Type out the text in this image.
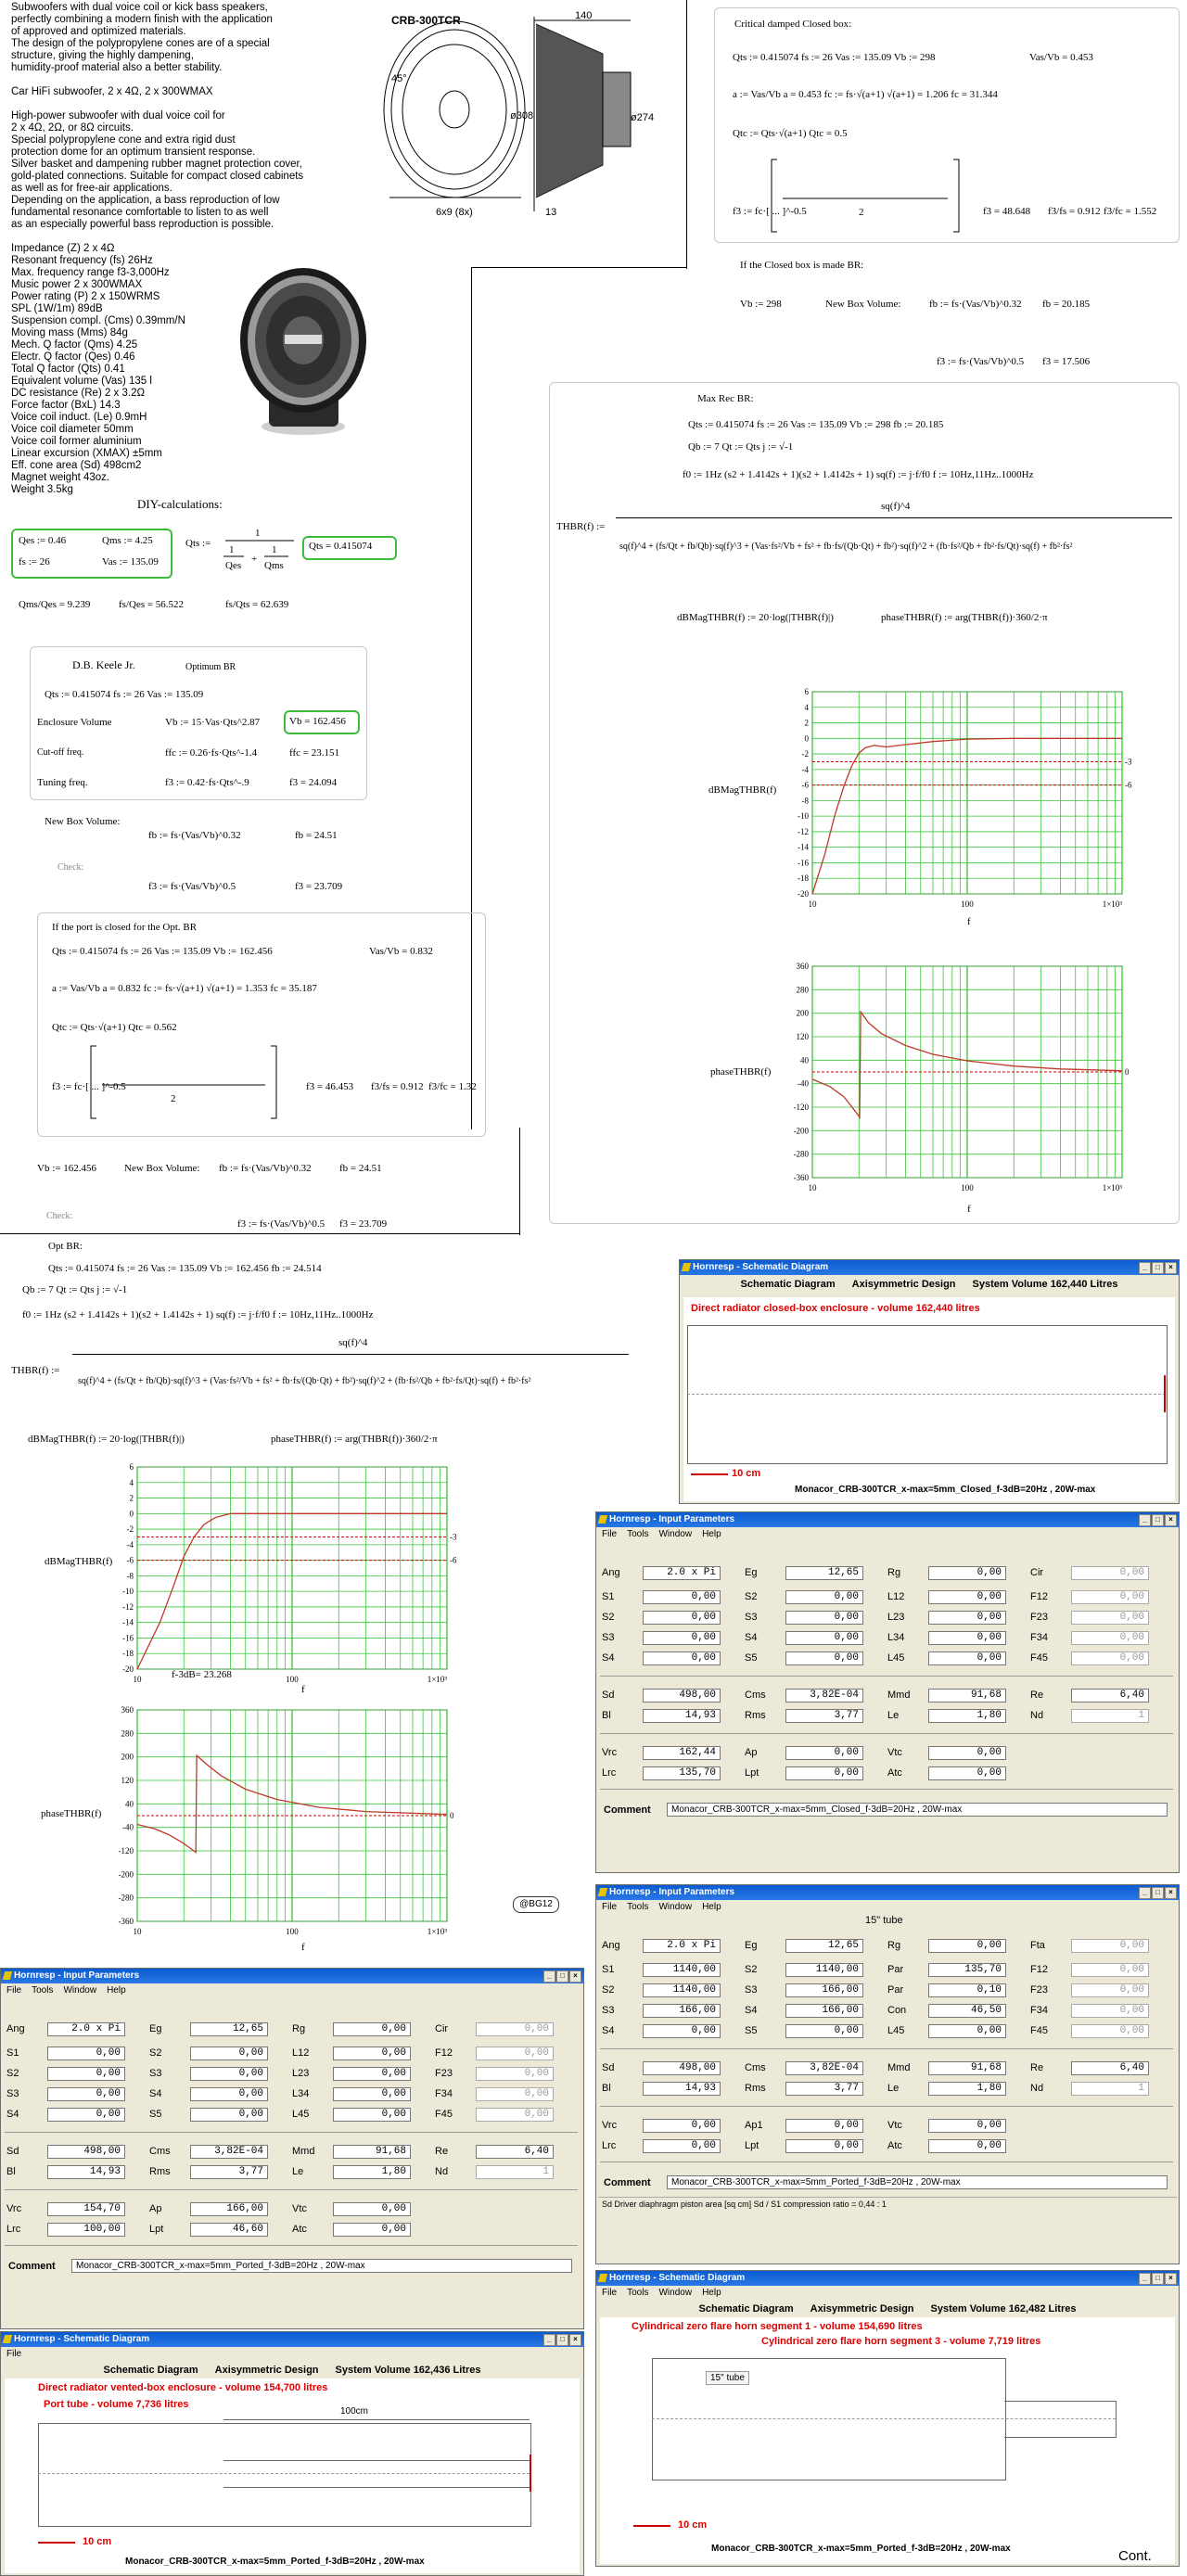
Subwoofers with dual voice coil or kick bass speakers,
perfectly combining a modern finish with the application
of approved and optimized materials.
The design of the polypropylene cones are of a special
structure, giving the highly dampening,
humidity-proof material also a better stability.
Car HiFi subwoofer, 2 x 4Ω, 2 x 300WMAX
High-power subwoofer with dual voice coil for
2 x 4Ω, 2Ω, or 8Ω circuits.
Special polypropylene cone and extra rigid dust
protection dome for an optimum transient response.
Silver basket and dampening rubber magnet protection cover,
gold-plated connections. Suitable for compact closed cabinets
as well as for free-air applications.
Depending on the application, a bass reproduction of low
fundamental resonance comfortable to listen to as well
as an especially powerful bass reproduction is possible.
Impedance (Z) 2 x 4Ω
Resonant frequency (fs) 26Hz
Max. frequency range f3-3,000Hz
Music power 2 x 300WMAX
Power rating (P) 2 x 150WRMS
SPL (1W/1m) 89dB
Suspension compl. (Cms) 0.39mm/N
Moving mass (Mms) 84g
Mech. Q factor (Qms) 4.25
Electr. Q factor (Qes) 0.46
Total Q factor (Qts) 0.41
Equivalent volume (Vas) 135 l
DC resistance (Re) 2 x 3.2Ω
Force factor (BxL) 14.3
Voice coil induct. (Le) 0.9mH
Voice coil diameter 50mm
Voice coil former aluminium
Linear excursion (XMAX) ±5mm
Eff. cone area (Sd) 498cm2
Magnet weight 43oz.
Weight 3.5kg
CRB-300TCR	140
45°
ø308	ø274
6x9 (8x)	13
DIY-calculations:
Qes := 0.46	Qms := 4.25
fs := 26	Vas := 135.09
Qts :=
1
1
Qes
+
1
Qms
Qts = 0.415074
Qms/Qes = 9.239	fs/Qes = 56.522	fs/Qts = 62.639
D.B. Keele Jr.	Optimum BR
Qts := 0.415074 fs := 26 Vas := 135.09
Enclosure Volume	Vb := 15·Vas·Qts^2.87	Vb = 162.456
Cut-off freq.	ffc := 0.26·fs·Qts^-1.4	ffc = 23.151
Tuning freq.	f3 := 0.42·fs·Qts^-.9	f3 = 24.094
New Box Volume:
fb := fs·(Vas/Vb)^0.32	fb = 24.51
Check:
f3 := fs·(Vas/Vb)^0.5	f3 = 23.709
If the port is closed for the Opt. BR
Qts := 0.415074 fs := 26 Vas := 135.09 Vb := 162.456	Vas/Vb = 0.832
a := Vas/Vb a = 0.832 fc := fs·√(a+1) √(a+1) = 1.353 fc = 35.187
Qtc := Qts·√(a+1) Qtc = 0.562
f3 := fc·[ ... ]^-0.5
2
f3 = 46.453 f3/fs = 0.912 f3/fc = 1.32
Vb := 162.456	New Box Volume: fb := fs·(Vas/Vb)^0.32	fb = 24.51
Check:
f3 := fs·(Vas/Vb)^0.5 f3 = 23.709
Opt BR:
Qts := 0.415074 fs := 26 Vas := 135.09 Vb := 162.456 fb := 24.514
Qb := 7 Qt := Qts j := √-1
f0 := 1Hz (s2 + 1.4142s + 1)(s2 + 1.4142s + 1) sq(f) := j·f/f0 f := 10Hz,11Hz..1000Hz
THBR(f) :=
sq(f)^4
sq(f)^4 + (fs/Qt + fb/Qb)·sq(f)^3 + (Vas·fs²/Vb + fs² + fb·fs/(Qb·Qt) + fb²)·sq(f)^2 + (fb·fs²/Qb + fb²·fs/Qt)·sq(f) + fb²·fs²
dBMagTHBR(f) := 20·log(|THBR(f)|)	phaseTHBR(f) := arg(THBR(f))·360/2·π
6
4
2
0
-2
-4
-6
-8
-10
-12
-14
-16
-18
-20
10	100	1×10³
-3
-6
dBMagTHBR(f)
f-3dB= 23.268
f
360
280
200
120
40
-40
-120
-200
-280
-360
10	100	1×10³
0
phaseTHBR(f)
f
@BG12
Critical damped Closed box:
Qts := 0.415074 fs := 26 Vas := 135.09 Vb := 298	Vas/Vb = 0.453
a := Vas/Vb a = 0.453 fc := fs·√(a+1) √(a+1) = 1.206 fc = 31.344
Qtc := Qts·√(a+1) Qtc = 0.5
2
f3 := fc·[ ... ]^-0.5	f3 = 48.648 f3/fs = 0.912 f3/fc = 1.552
If the Closed box is made BR:
Vb := 298	New Box Volume:	fb := fs·(Vas/Vb)^0.32 fb = 20.185
f3 := fs·(Vas/Vb)^0.5 f3 = 17.506
Max Rec BR:
Qts := 0.415074 fs := 26 Vas := 135.09 Vb := 298 fb := 20.185
Qb := 7 Qt := Qts j := √-1
f0 := 1Hz (s2 + 1.4142s + 1)(s2 + 1.4142s + 1) sq(f) := j·f/f0 f := 10Hz,11Hz..1000Hz
THBR(f) :=
sq(f)^4
sq(f)^4 + (fs/Qt + fb/Qb)·sq(f)^3 + (Vas·fs²/Vb + fs² + fb·fs/(Qb·Qt) + fb²)·sq(f)^2 + (fb·fs²/Qb + fb²·fs/Qt)·sq(f) + fb²·fs²
dBMagTHBR(f) := 20·log(|THBR(f)|)	phaseTHBR(f) := arg(THBR(f))·360/2·π
6
4
2
0
-2
-4
-6
-8
-10
-12
-14
-16
-18
-20
10	100	1×10³
-3
-6
dBMagTHBR(f)
f
360
280
200
120
40
-40
-120
-200
-280
-360
10	100	1×10³
0
phaseTHBR(f)
f
Hornresp - Schematic Diagram	_	□	×
Schematic Diagram Axisymmetric Design System Volume 162,440 Litres
Direct radiator closed-box enclosure - volume 162,440 litres
10 cm
Monacor_CRB-300TCR_x-max=5mm_Closed_f-3dB=20Hz , 20W-max
Hornresp - Input Parameters	_	□	×
File Tools Window Help
Ang	2.0 x Pi	Eg	12,65	Rg	0,00	Cir	0,00
S1	0,00	S2	0,00	L12	0,00	F12	0,00
S2	0,00	S3	0,00	L23	0,00	F23	0,00
S3	0,00	S4	0,00	L34	0,00	F34	0,00
S4	0,00	S5	0,00	L45	0,00	F45	0,00
Sd	498,00	Cms	3,82E-04	Mmd	91,68	Re	6,40
Bl	14,93	Rms	3,77	Le	1,80	Nd	1
Vrc	162,44	Ap	0,00	Vtc	0,00
Lrc	135,70	Lpt	0,00	Atc	0,00
Comment	Monacor_CRB-300TCR_x-max=5mm_Closed_f-3dB=20Hz , 20W-max
Hornresp - Input Parameters	_	□	×
File Tools Window Help
15" tube
Ang	2.0 x Pi	Eg	12,65	Rg	0,00	Fta	0,00
S1	1140,00	S2	1140,00	Par	135,70	F12	0,00
S2	1140,00	S3	166,00	Par	0,10	F23	0,00
S3	166,00	S4	166,00	Con	46,50	F34	0,00
S4	0,00	S5	0,00	L45	0,00	F45	0,00
Sd	498,00	Cms	3,82E-04	Mmd	91,68	Re	6,40
Bl	14,93	Rms	3,77	Le	1,80	Nd	1
Vrc	0,00	Ap1	0,00	Vtc	0,00
Lrc	0,00	Lpt	0,00	Atc	0,00
Comment	Monacor_CRB-300TCR_x-max=5mm_Ported_f-3dB=20Hz , 20W-max
Sd Driver diaphragm piston area [sq cm] Sd / S1 compression ratio = 0,44 : 1
Hornresp - Input Parameters	_	□	×
File Tools Window Help
Ang	2.0 x Pi	Eg	12,65	Rg	0,00	Cir	0,00
S1	0,00	S2	0,00	L12	0,00	F12	0,00
S2	0,00	S3	0,00	L23	0,00	F23	0,00
S3	0,00	S4	0,00	L34	0,00	F34	0,00
S4	0,00	S5	0,00	L45	0,00	F45	0,00
Sd	498,00	Cms	3,82E-04	Mmd	91,68	Re	6,40
Bl	14,93	Rms	3,77	Le	1,80	Nd	1
Vrc	154,70	Ap	166,00	Vtc	0,00
Lrc	100,00	Lpt	46,60	Atc	0,00
Comment	Monacor_CRB-300TCR_x-max=5mm_Ported_f-3dB=20Hz , 20W-max
Hornresp - Schematic Diagram	_	□	×
File
Schematic Diagram Axisymmetric Design System Volume 162,436 Litres
Direct radiator vented-box enclosure - volume 154,700 litres
Port tube - volume 7,736 litres
100cm
10 cm
Monacor_CRB-300TCR_x-max=5mm_Ported_f-3dB=20Hz , 20W-max
Hornresp - Schematic Diagram	_	□	×
File Tools Window Help
Schematic Diagram Axisymmetric Design System Volume 162,482 Litres
Cylindrical zero flare horn segment 1 - volume 154,690 litres
Cylindrical zero flare horn segment 3 - volume 7,719 litres
15" tube
10 cm
Monacor_CRB-300TCR_x-max=5mm_Ported_f-3dB=20Hz , 20W-max	Cont.
